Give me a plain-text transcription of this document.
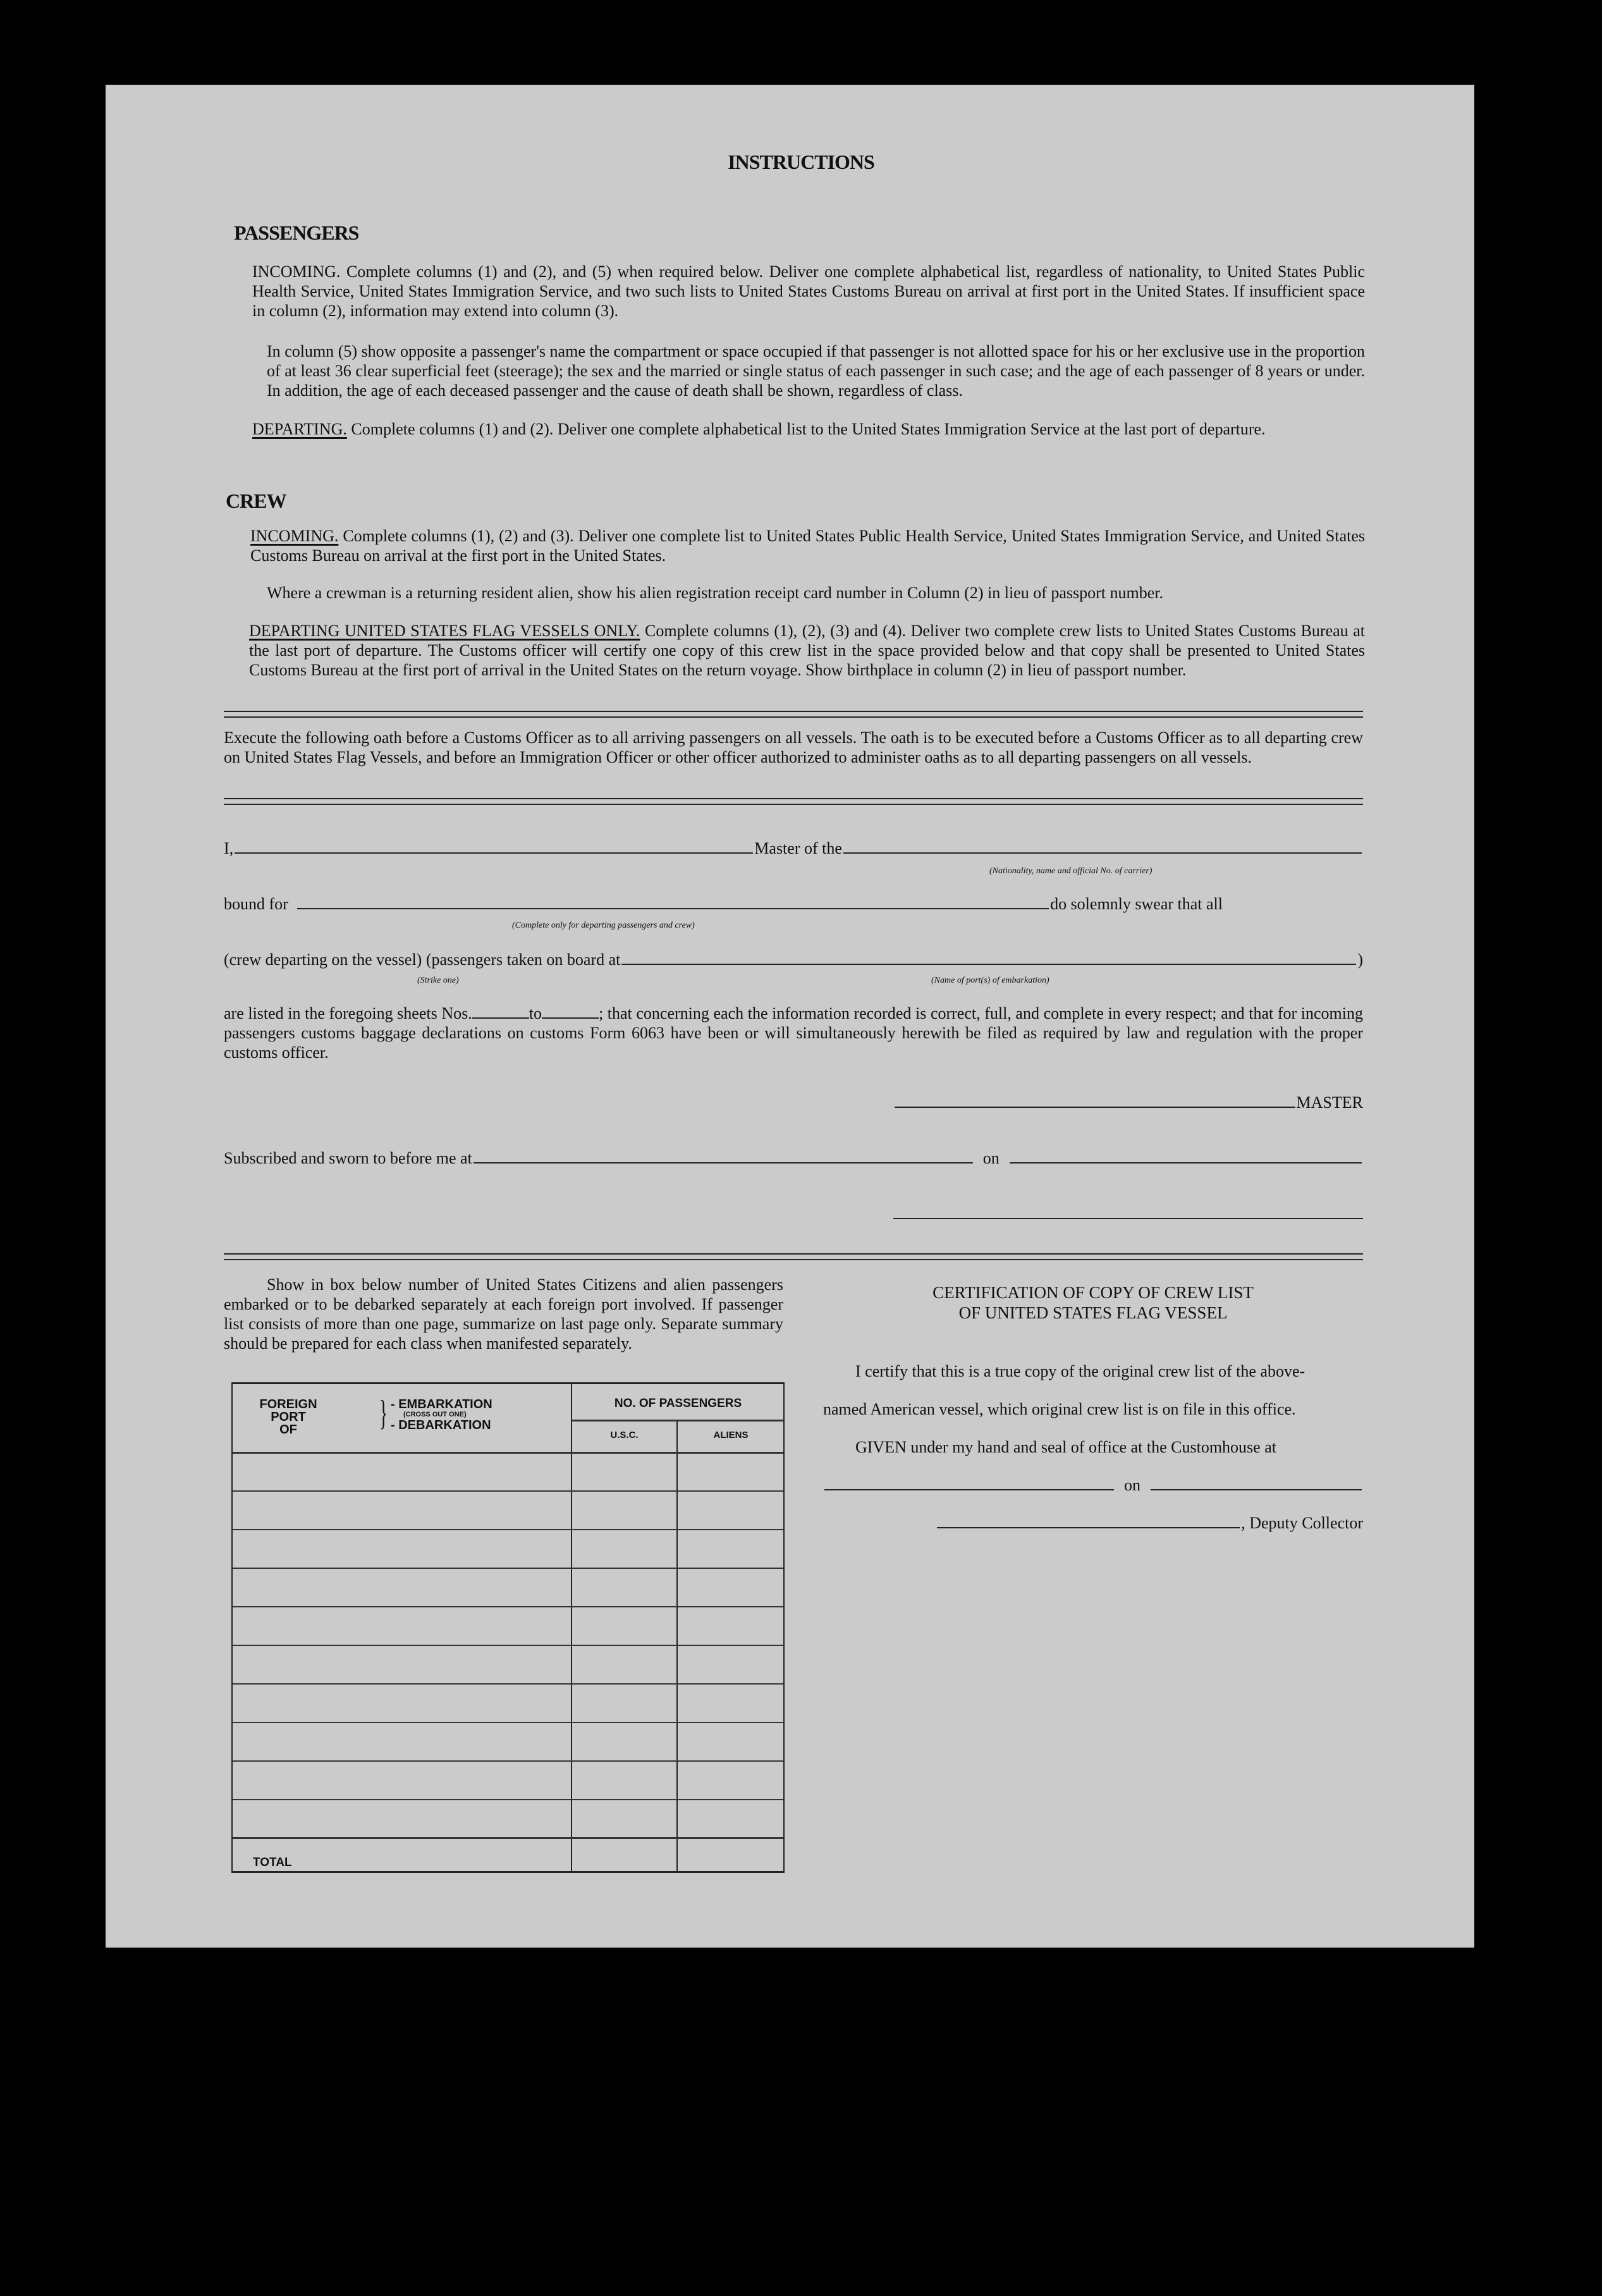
INSTRUCTIONS
PASSENGERS
INCOMING. Complete columns (1) and (2), and (5) when required below. Deliver one complete alphabetical list, regardless of nationality, to United States Public Health Service, United States Immigration Service, and two such lists to United States Customs Bureau on arrival at first port in the United States. If insufficient space in column (2), information may extend into column (3).
In column (5) show opposite a passenger's name the compartment or space occupied if that passenger is not allotted space for his or her exclusive use in the proportion of at least 36 clear superficial feet (steerage); the sex and the married or single status of each passenger in such case; and the age of each passenger of 8 years or under. In addition, the age of each deceased passenger and the cause of death shall be shown, regardless of class.
DEPARTING. Complete columns (1) and (2). Deliver one complete alphabetical list to the United States Immigration Service at the last port of departure.
CREW
INCOMING. Complete columns (1), (2) and (3). Deliver one complete list to United States Public Health Service, United States Immigration Service, and United States Customs Bureau on arrival at the first port in the United States.
Where a crewman is a returning resident alien, show his alien registration receipt card number in Column (2) in lieu of passport number.
DEPARTING UNITED STATES FLAG VESSELS ONLY. Complete columns (1), (2), (3) and (4). Deliver two complete crew lists to United States Customs Bureau at the last port of departure. The Customs officer will certify one copy of this crew list in the space provided below and that copy shall be presented to United States Customs Bureau at the first port of arrival in the United States on the return voyage. Show birthplace in column (2) in lieu of passport number.
Execute the following oath before a Customs Officer as to all arriving passengers on all vessels. The oath is to be executed before a Customs Officer as to all departing crew on United States Flag Vessels, and before an Immigration Officer or other officer authorized to administer oaths as to all departing passengers on all vessels.
I,	Master of the
(Nationality, name and official No. of carrier)
bound for	do solemnly swear that all
(Complete only for departing passengers and crew)
(crew departing on the vessel)
(passengers taken on board at	)
(Strike one)	(Name of port(s) of embarkation)
are listed in the foregoing sheets Nos.	to	; that concerning each the information recorded is correct, full, and complete in every respect; and that for incoming passengers customs baggage declarations on customs Form 6063 have been or will simultaneously herewith be filed as required by law and regulation with the proper customs officer.
MASTER
Subscribed and sworn to before me at	on
Show in box below number of United States Citizens and alien passengers embarked or to be debarked separately at each foreign port involved. If passenger list consists of more than one page, summarize on last page only. Separate summary should be prepared for each class when manifested separately.
FOREIGN
PORT
OF	} - EMBARKATION
(CROSS OUT ONE)
- DEBARKATION
NO. OF PASSENGERS
U.S.C.	ALIENS
TOTAL
CERTIFICATION OF COPY OF CREW LIST
OF UNITED STATES FLAG VESSEL
I certify that this is a true copy of the original crew list of the above-
named American vessel, which original crew list is on file in this office.
GIVEN under my hand and seal of office at the Customhouse at
on
, Deputy Collector
